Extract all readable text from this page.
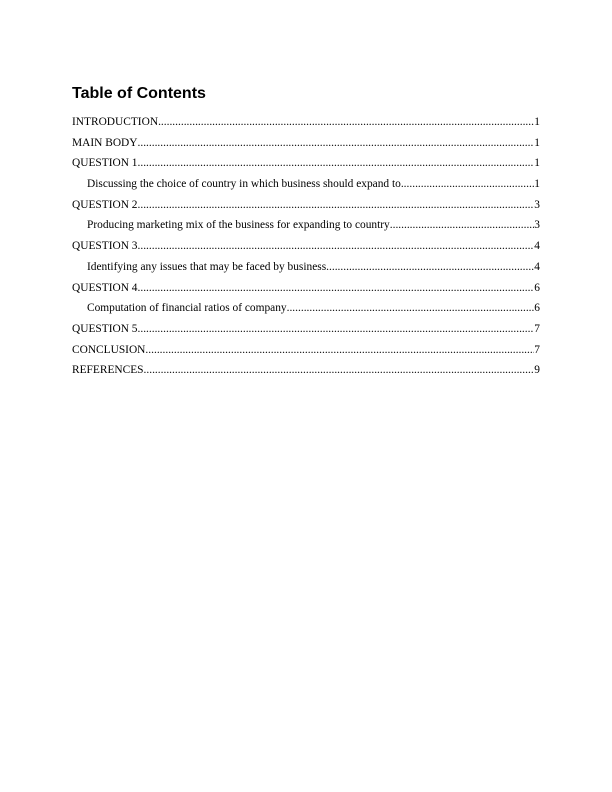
Table of Contents
INTRODUCTION .....	1
MAIN BODY .....	1
QUESTION 1 .....	1
Discussing the choice of country in which business should expand to .....	1
QUESTION 2 .....	3
Producing marketing mix of the business for expanding to country .....	3
QUESTION 3 .....	4
Identifying any issues that may be faced by business .....	4
QUESTION 4 .....	6
Computation of financial ratios of company .....	6
QUESTION 5 .....	7
CONCLUSION .....	7
REFERENCES .....	9
